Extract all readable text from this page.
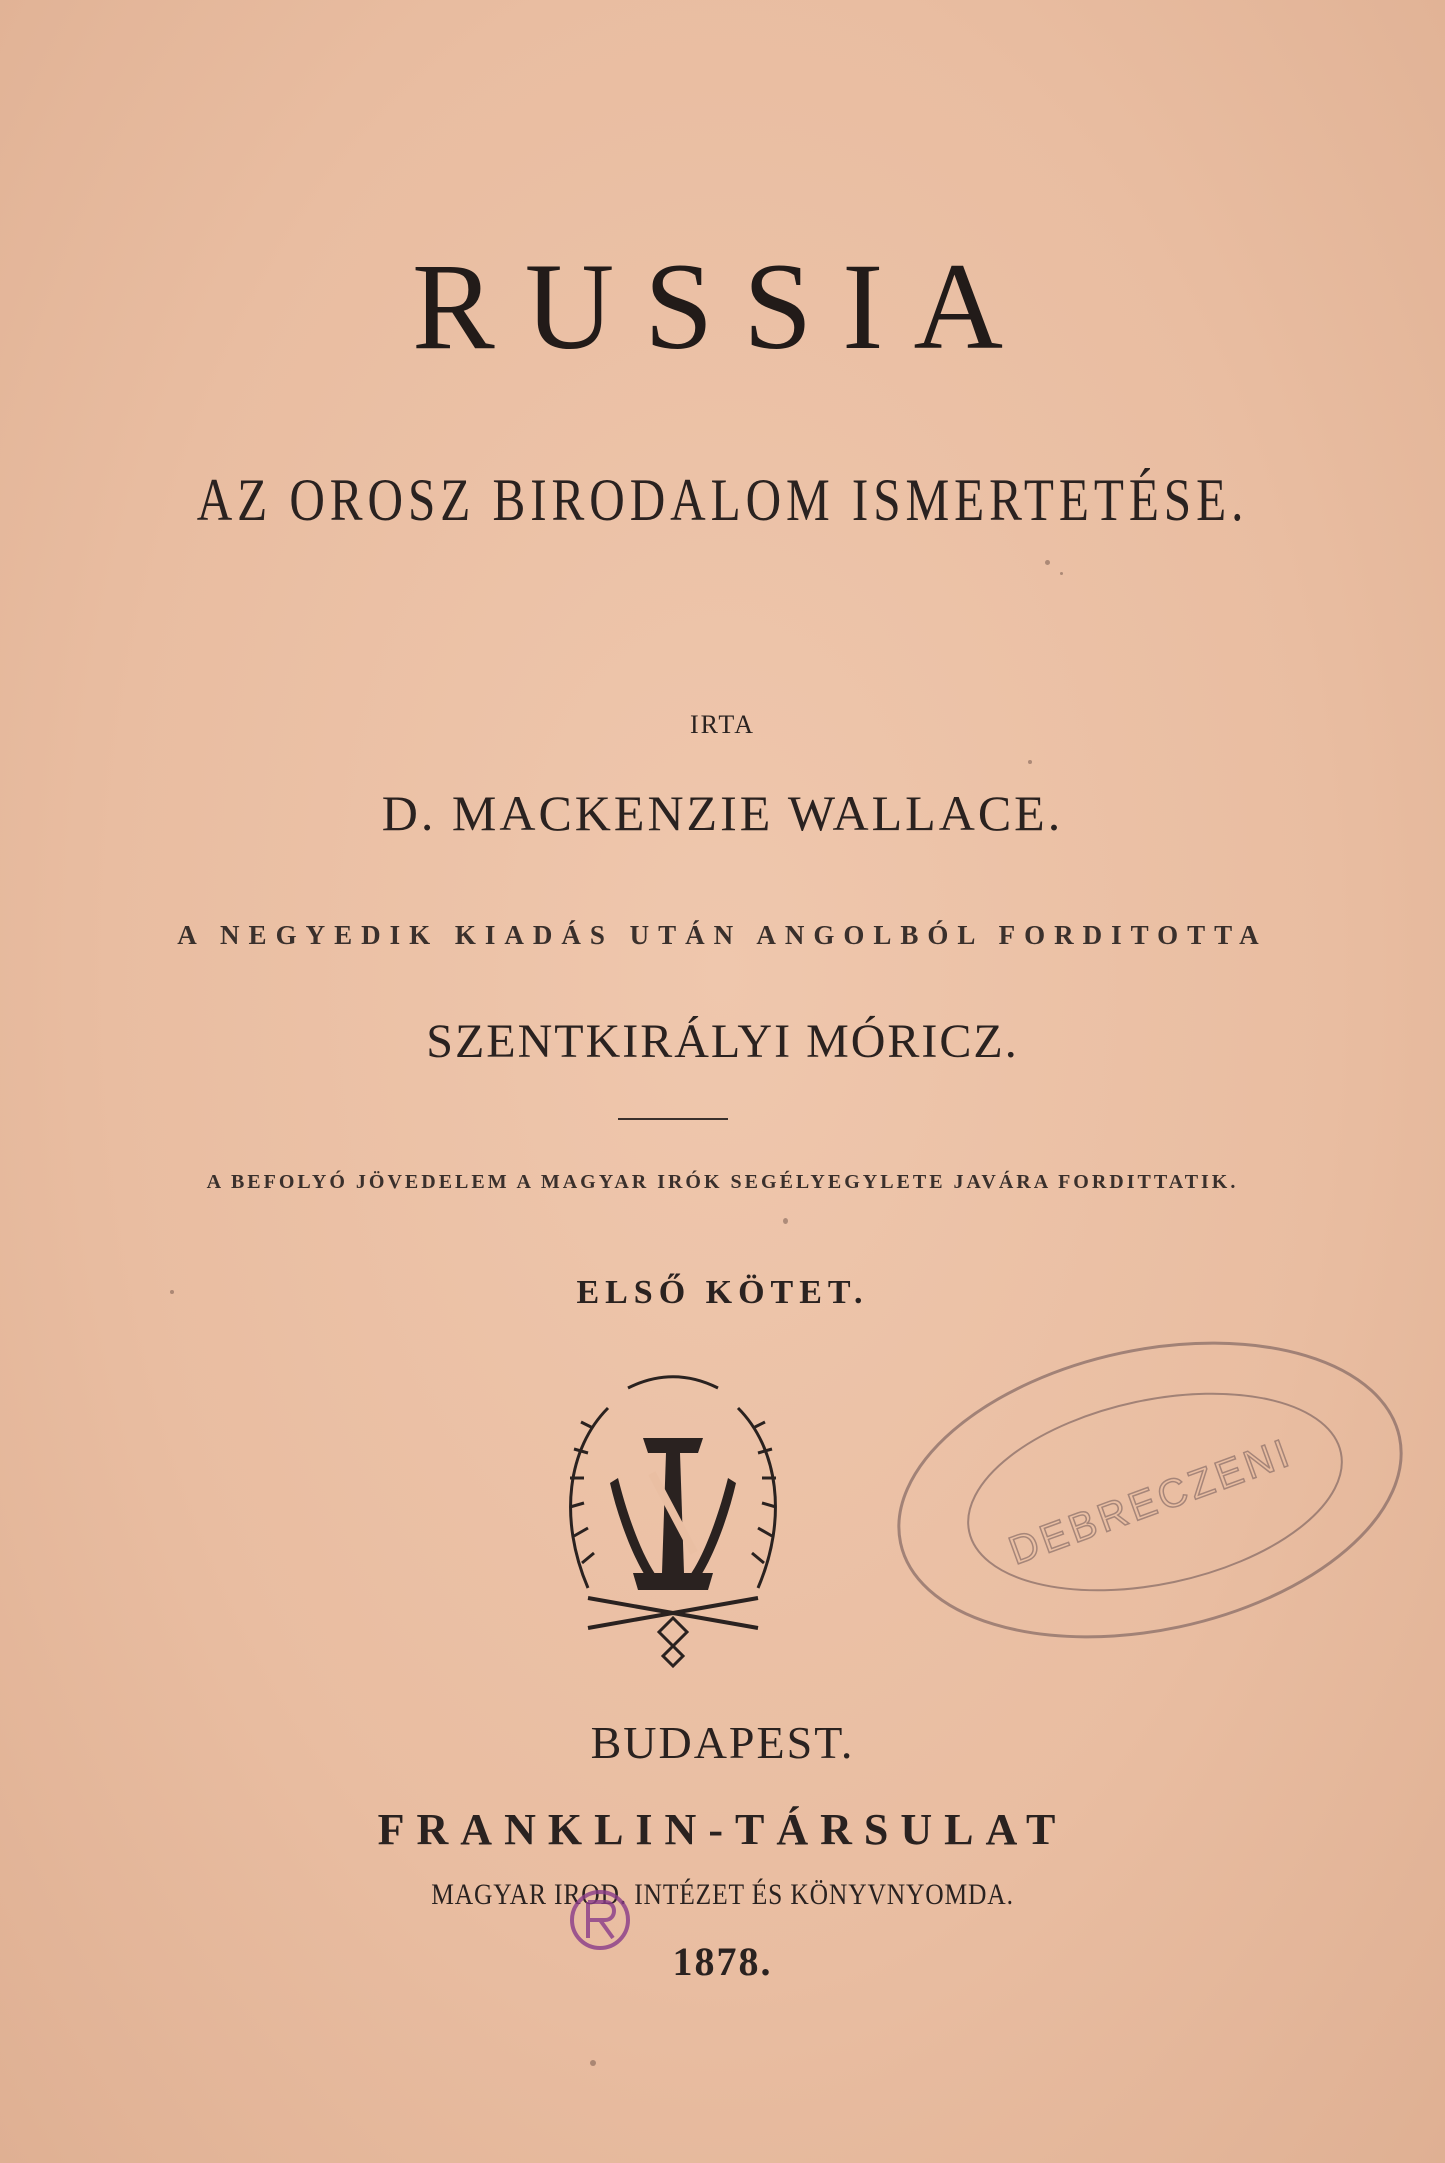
RUSSIA
AZ OROSZ BIRODALOM ISMERTETÉSE.
IRTA
D. MACKENZIE WALLACE.
A NEGYEDIK KIADÁS UTÁN ANGOLBÓL FORDITOTTA
SZENTKIRÁLYI MÓRICZ.
A BEFOLYÓ JÖVEDELEM A MAGYAR IRÓK SEGÉLYEGYLETE JAVÁRA FORDITTATIK.
ELSŐ KÖTET.
DEBRECZENI
BUDAPEST.
FRANKLIN-TÁRSULAT
MAGYAR IROD. INTÉZET ÉS KÖNYVNYOMDA.
1878.
